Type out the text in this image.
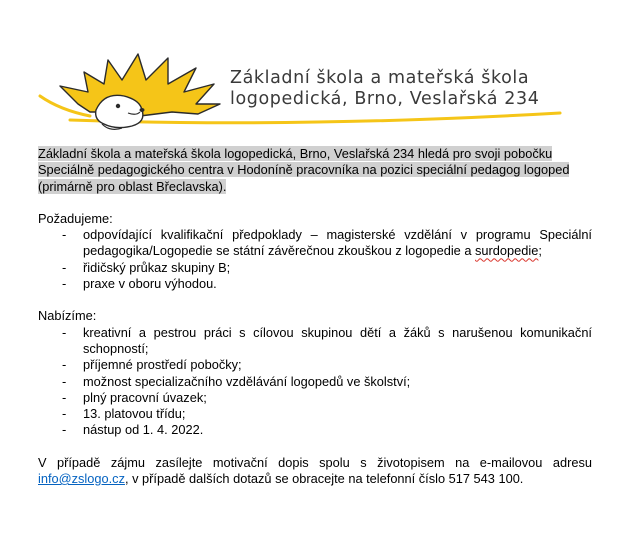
Základní škola a mateřská škola
logopedická, Brno, Veslařská 234

Základní škola a mateřská škola logopedická, Brno, Veslařská 234 hledá pro svoji pobočku Speciálně pedagogického centra v Hodoníně pracovníka na pozici speciální pedagog logoped (primárně pro oblast Břeclavska).

Požadujeme:

- odpovídající kvalifikační předpoklady – magisterské vzdělání v programu Speciální pedagogika/Logopedie se státní závěrečnou zkouškou z logopedie a surdopedie;
- řidičský průkaz skupiny B;
- praxe v oboru výhodou.

Nabízíme:

- kreativní a pestrou práci s cílovou skupinou dětí a žáků s narušenou komunikační schopností;
- příjemné prostředí pobočky;
- možnost specializačního vzdělávání logopedů ve školství;
- plný pracovní úvazek;
- 13. platovou třídu;
- nástup od 1. 4. 2022.

V případě zájmu zasílejte motivační dopis spolu s životopisem na e-mailovou adresu info@zslogo.cz, v případě dalších dotazů se obracejte na telefonní číslo 517 543 100.
